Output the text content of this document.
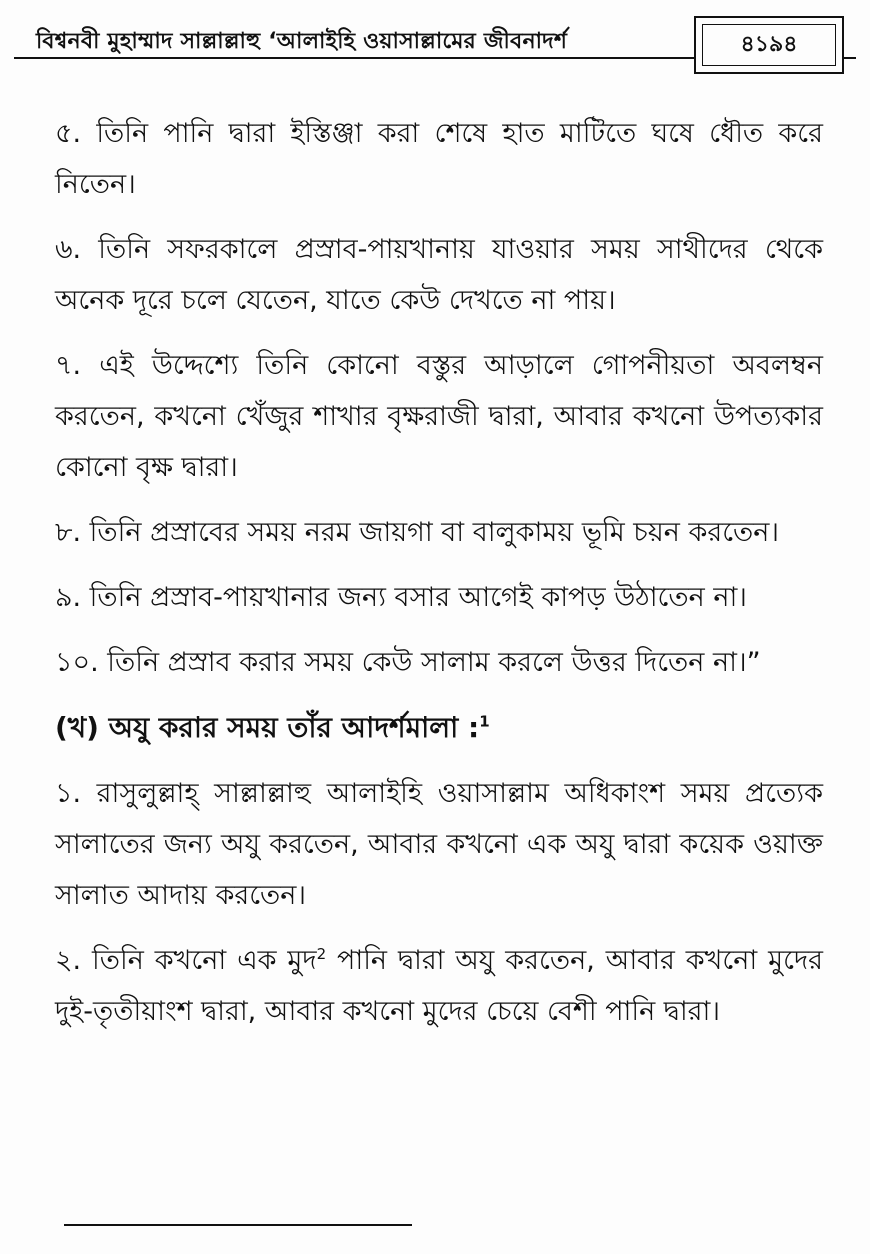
বিশ্বনবী মুহাম্মাদ সাল্লাল্লাহু ‘আলাইহি ওয়াসাল্লামের জীবনাদর্শ	৪১৯৪

৫. তিনি পানি দ্বারা ইস্তিঞ্জা করা শেষে হাত মাটিতে ঘষে ধৌত করে নিতেন।

৬. তিনি সফরকালে প্রস্রাব-পায়খানায় যাওয়ার সময় সাথীদের থেকে অনেক দূরে চলে যেতেন, যাতে কেউ দেখতে না পায়।

৭. এই উদ্দেশ্যে তিনি কোনো বস্তুর আড়ালে গোপনীয়তা অবলম্বন করতেন, কখনো খেঁজুর শাখার বৃক্ষরাজী দ্বারা, আবার কখনো উপত্যকার কোনো বৃক্ষ দ্বারা।

৮. তিনি প্রস্রাবের সময় নরম জায়গা বা বালুকাময় ভূমি চয়ন করতেন।

৯. তিনি প্রস্রাব-পায়খানার জন্য বসার আগেই কাপড় উঠাতেন না।

১০. তিনি প্রস্রাব করার সময় কেউ সালাম করলে উত্তর দিতেন না।”

(খ) অযু করার সময় তাঁর আদর্শমালা :$^1$

১. রাসুলুল্লাহ্ সাল্লাল্লাহু আলাইহি ওয়াসাল্লাম অধিকাংশ সময় প্রত্যেক সালাতের জন্য অযু করতেন, আবার কখনো এক অযু দ্বারা কয়েক ওয়াক্ত সালাত আদায় করতেন।

২. তিনি কখনো এক মুদ$^2$ পানি দ্বারা অযু করতেন, আবার কখনো মুদের দুই-তৃতীয়াংশ দ্বারা, আবার কখনো মুদের চেয়ে বেশী পানি দ্বারা।
